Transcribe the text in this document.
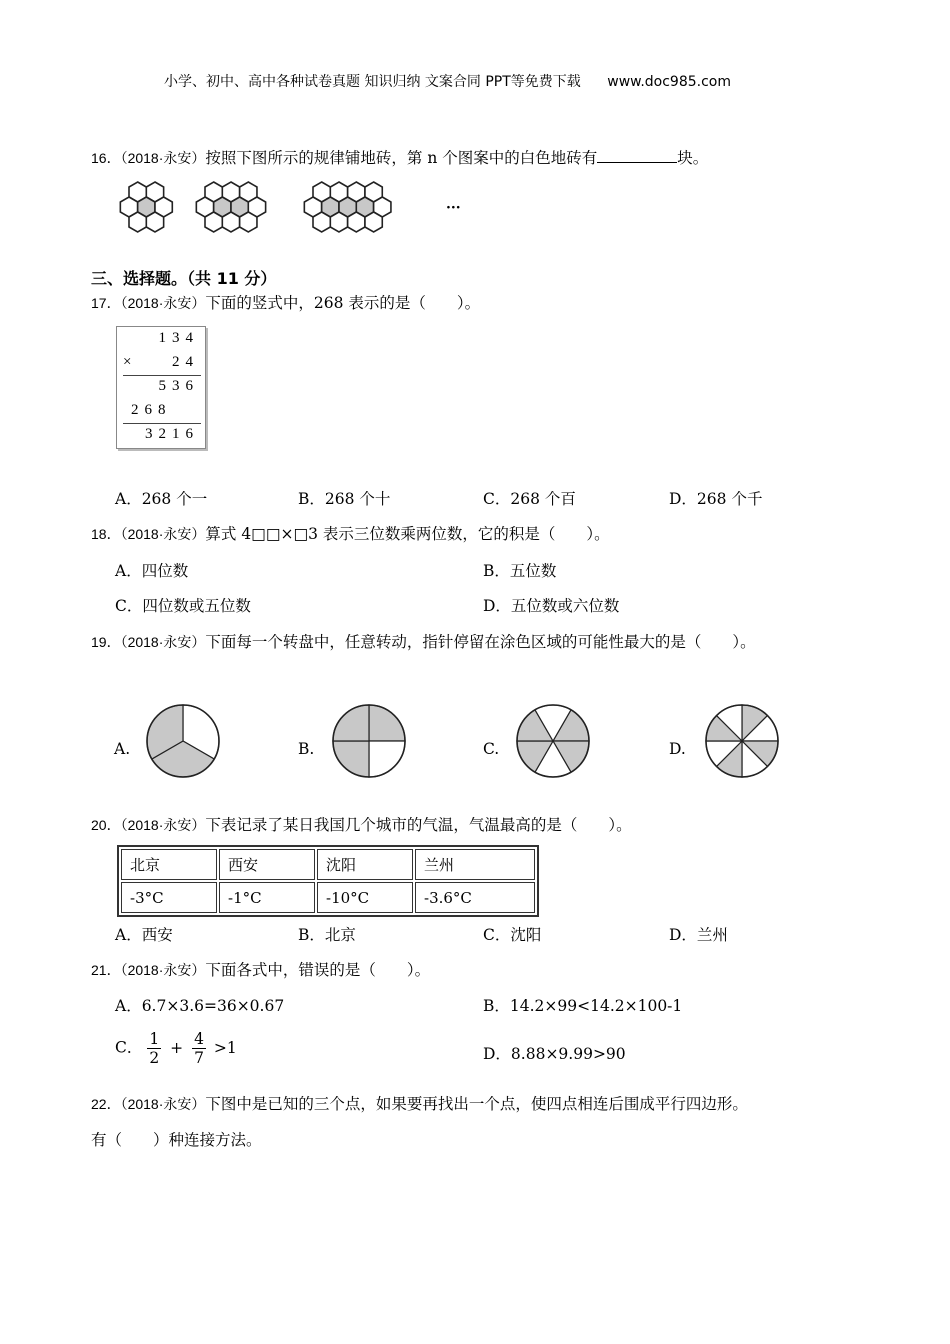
小学、初中、高中各种试卷真题 知识归纳 文案合同 PPT等免费下载 www.doc985.com
16．（2018·永安）按照下图所示的规律铺地砖，第 n 个图案中的白色地砖有	块。
···
三、选择题。（共 11 分）
17．（2018·永安）下面的竖式中，268 表示的是（　　）。
134
×	24
536
268
3216
A．268 个一	B．268 个十	C．268 个百	D．268 个千
18．（2018·永安）算式 4□□×□3 表示三位数乘两位数，它的积是（　　）。
A．四位数	B．五位数
C．四位数或五位数	D．五位数或六位数
19．（2018·永安）下面每一个转盘中，任意转动，指针停留在涂色区域的可能性最大的是（　　）。
A.	B.	C.	D.
20．（2018·永安）下表记录了某日我国几个城市的气温，气温最高的是（　　）。
北京	西安	沈阳	兰州
-3°C	-1°C	-10°C	-3.6°C
A．西安	B．北京	C．沈阳	D．兰州
21．（2018·永安）下面各式中，错误的是（　　）。
A．6.7×3.6=36×0.67	B．14.2×99<14.2×100-1
C． $\frac{1}{2} + \frac{4}{7} >1$	D．8.88×9.99>90
22．（2018·永安）下图中是已知的三个点，如果要再找出一个点，使四点相连后围成平行四边形。
有（　　）种连接方法。
